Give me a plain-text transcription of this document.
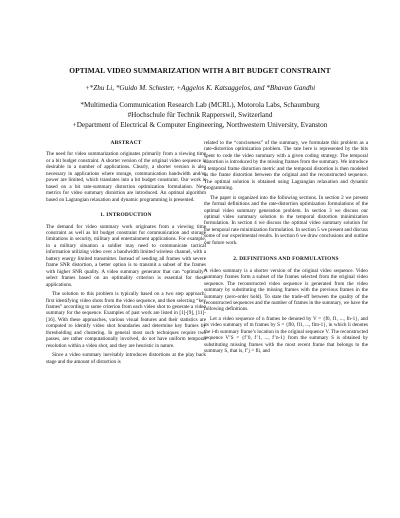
OPTIMAL VIDEO SUMMARIZATION WITH A BIT BUDGET CONSTRAINT
+*Zhu Li, *Guido M. Schuster, +Aggelos K. Katsaggelos, and *Bhavan Gandhi
*Multimedia Communication Research Lab (MCRL), Motorola Labs, Schaumburg
#Hochschule für Technik Rapperswil, Switzerland
+Department of Electrical & Computer Engineering, Northwestern University, Evanston
ABSTRACT

The need for video summarization originates primarily from a viewing time or a bit budget constraint. A shorter version of the original video sequence is desirable in a number of applications. Clearly, a shorter version is also necessary in applications where storage, communication bandwidth and/or power are limited, which translates into a bit budget constraint. Our work is based on a bit rate-summary distortion optimization formulation. New metrics for video summary distortion are introduced. An optimal algorithm based on Lagrangian relaxation and dynamic programming is presented.

1. INTRODUCTION

The demand for video summary work originates from a viewing time constraint as well as bit budget constraint for communication and storage limitations in security, military and entertainment applications. For example, in a military situation a soldier may need to communicate tactical information utilizing video over a bandwidth limited wireless channel, with a battery energy limited transmitter. Instead of sending all frames with severe frame SNR distortion, a better option is to transmit a subset of the frames with higher SNR quality. A video summary generator that can “optimally” select frames based on an optimality criterion is essential for these applications.

The solution to this problem is typically based on a two step approach: first identifying video shots from the video sequence, and then selecting “key frames” according to some criterion from each video shot to generate a video summary for the sequence. Examples of past work are listed in [1]-[9], [11]-[16]. With these approaches, various visual features and their statistics are computed to identify video shot boundaries and determine key frames by thresholding and clustering. In general most such techniques require two passes, are rather computationally involved, do not have uniform temporal resolution within a video shot, and they are heuristic in nature.

Since a video summary inevitably introduces distortions at the play back stage and the amount of distortion is

related to the “conciseness” of the summary, we formulate this problem as a rate-distortion optimization problem. The rate here is represented by the bits spent to code the video summary with a given coding strategy. The temporal distortion is introduced by the missing frames from the summary. We introduce a temporal frame distortion metric and the temporal distortion is then modeled as the frame distortion between the original and the reconstructed sequence. The optimal solution is obtained using Lagrangian relaxation and dynamic programming.

The paper is organized into the following sections. In section 2 we present the formal definitions and the rate-distortion optimization formulations of the optimal video summary generation problem. In section 3 we discuss our optimal video summary solution to the temporal distortion minimization formulation. In section 4 we discuss the optimal video summary solution for the temporal rate minimization formulation. In section 5 we present and discuss some of our experimental results. In section 6 we draw conclusions and outline our future work.

2. DEFINITIONS AND FORMULATIONS

A video summary is a shorter version of the original video sequence. Video summary frames form a subset of the frames selected from the original video sequence. The reconstructed video sequence is generated from the video summary by substituting the missing frames with the previous frames in the summary (zero-order hold). To state the trade-off between the quality of the reconstructed sequences and the number of frames in the summary, we have the following definitions.

Let a video sequence of n frames be denoted by V = {f0, f1, ..., fn-1}, and its video summary of m frames by S = {fl0, fl1, ..., flm-1}, in which li denotes the i-th summary frame’s location in the original sequence V. The reconstructed sequence V’S = {f’0, f’1, ..., f’n-1} from the summary S is obtained by substituting missing frames with the most recent frame that belongs to the summary S, that is, f’j = fli, and
